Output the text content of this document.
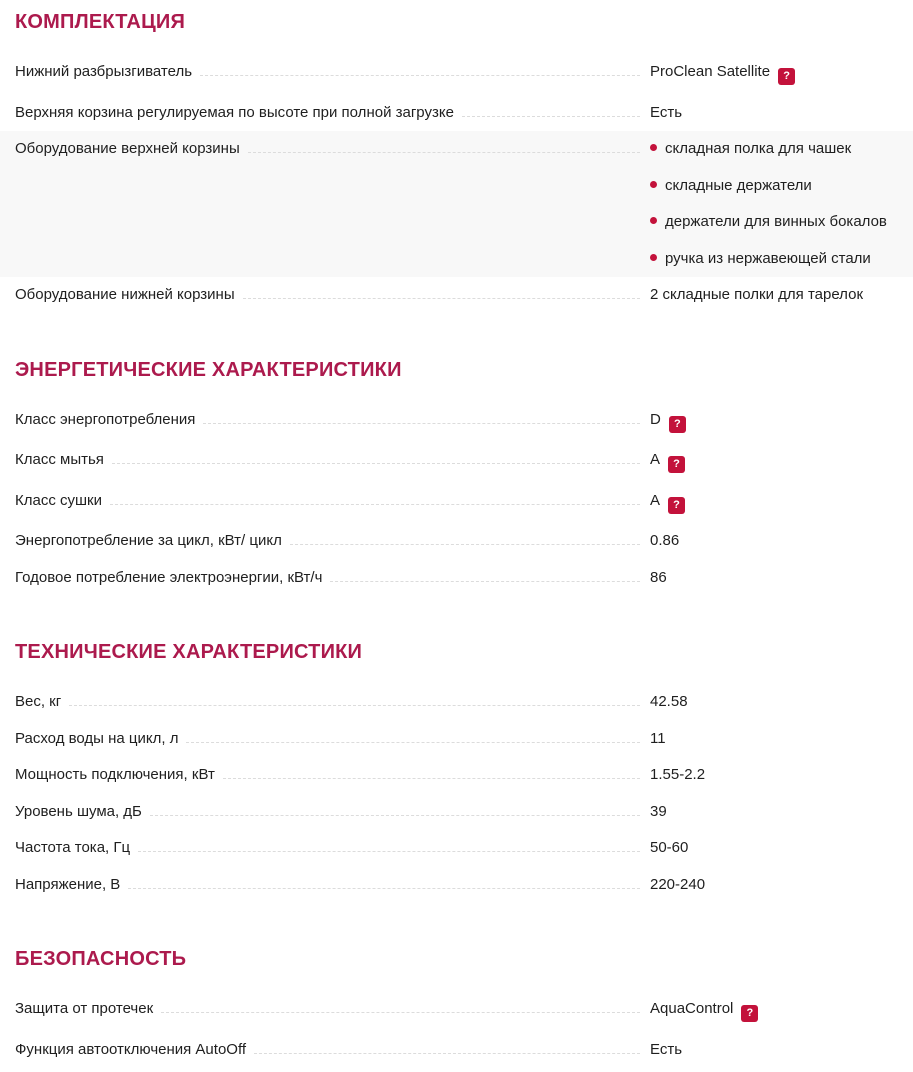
КОМПЛЕКТАЦИЯ
Нижний разбрызгиватель	ProClean Satellite ?
Верхняя корзина регулируемая по высоте при полной загрузке	Есть
Оборудование верхней корзины	складная полка для чашек
складные держатели
держатели для винных бокалов
ручка из нержавеющей стали
Оборудование нижней корзины	2 складные полки для тарелок
ЭНЕРГЕТИЧЕСКИЕ ХАРАКТЕРИСТИКИ
Класс энергопотребления	D ?
Класс мытья	A ?
Класс сушки	A ?
Энергопотребление за цикл, кВт/ цикл	0.86
Годовое потребление электроэнергии, кВт/ч	86
ТЕХНИЧЕСКИЕ ХАРАКТЕРИСТИКИ
Вес, кг	42.58
Расход воды на цикл, л	11
Мощность подключения, кВт	1.55-2.2
Уровень шума, дБ	39
Частота тока, Гц	50-60
Напряжение, В	220-240
БЕЗОПАСНОСТЬ
Защита от протечек	AquaControl ?
Функция автоотключения AutoOff	Есть
